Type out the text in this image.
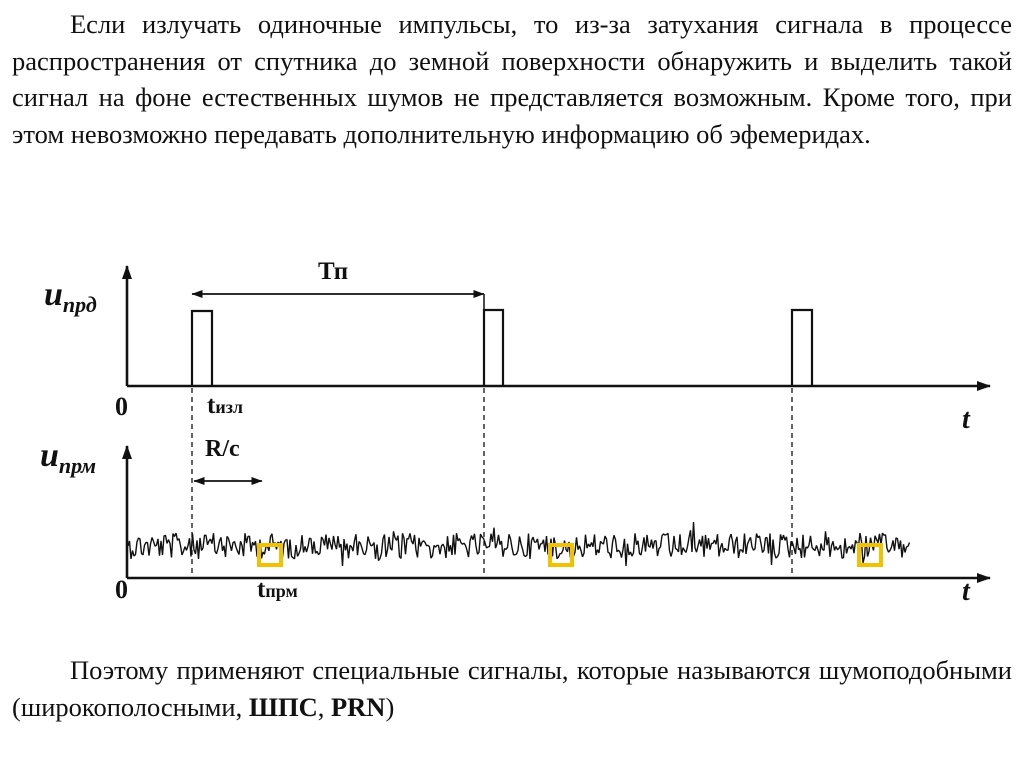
Если излучать одиночные импульсы, то из-за затухания сигнала в процессе распространения от спутника до земной поверхности обнаружить и выделить такой сигнал на фоне естественных шумов не представляется возможным. Кроме того, при этом невозможно передавать дополнительную информацию об эфемеридах.

Тп
$u_{прд}$
0	t
tизл
$u_{прм}$
R/c
0	t
tпрм

Поэтому применяют специальные сигналы, которые называются шумоподобными (широкополосными, ШПС, PRN)
